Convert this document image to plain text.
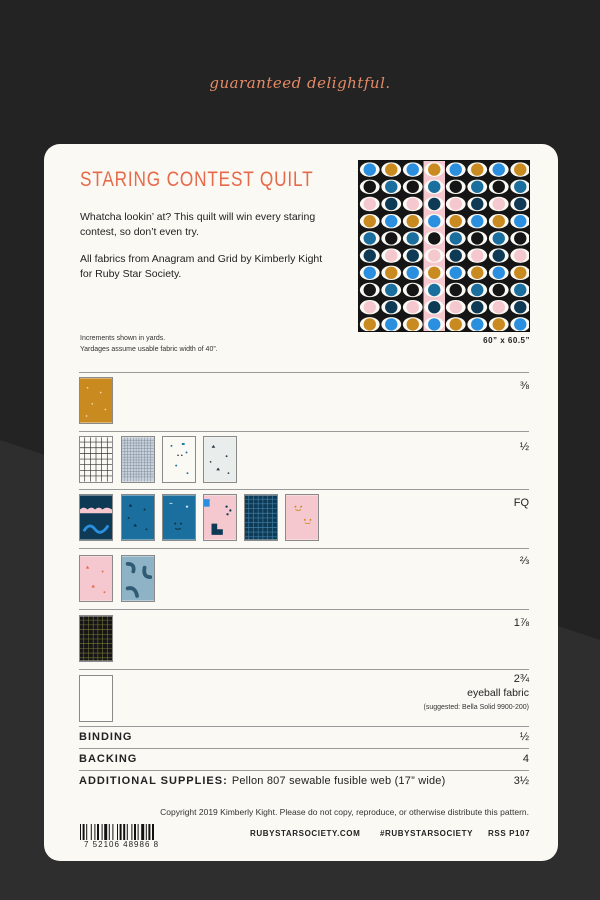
guaranteed delightful.
STARING CONTEST QUILT

Whatcha lookin’ at? This quilt will win every staring contest, so don’t even try.

All fabrics from Anagram and Grid by Kimberly Kight for Ruby Star Society.

Increments shown in yards.
Yardages assume usable fabric width of 40”.
60” x 60.5”
⅜
½
FQ
⅔
1⅞
2¾
eyeball fabric
(suggested: Bella Solid 9900-200)
BINDING	½
BACKING	4
ADDITIONAL SUPPLIES: Pellon 807 sewable fusible web (17” wide)	3½
Copyright 2019 Kimberly Kight. Please do not copy, reproduce, or otherwise distribute this pattern.
7 52106 48986 8
RUBYSTARSOCIETY.COM #RUBYSTARSOCIETY RSS P107
